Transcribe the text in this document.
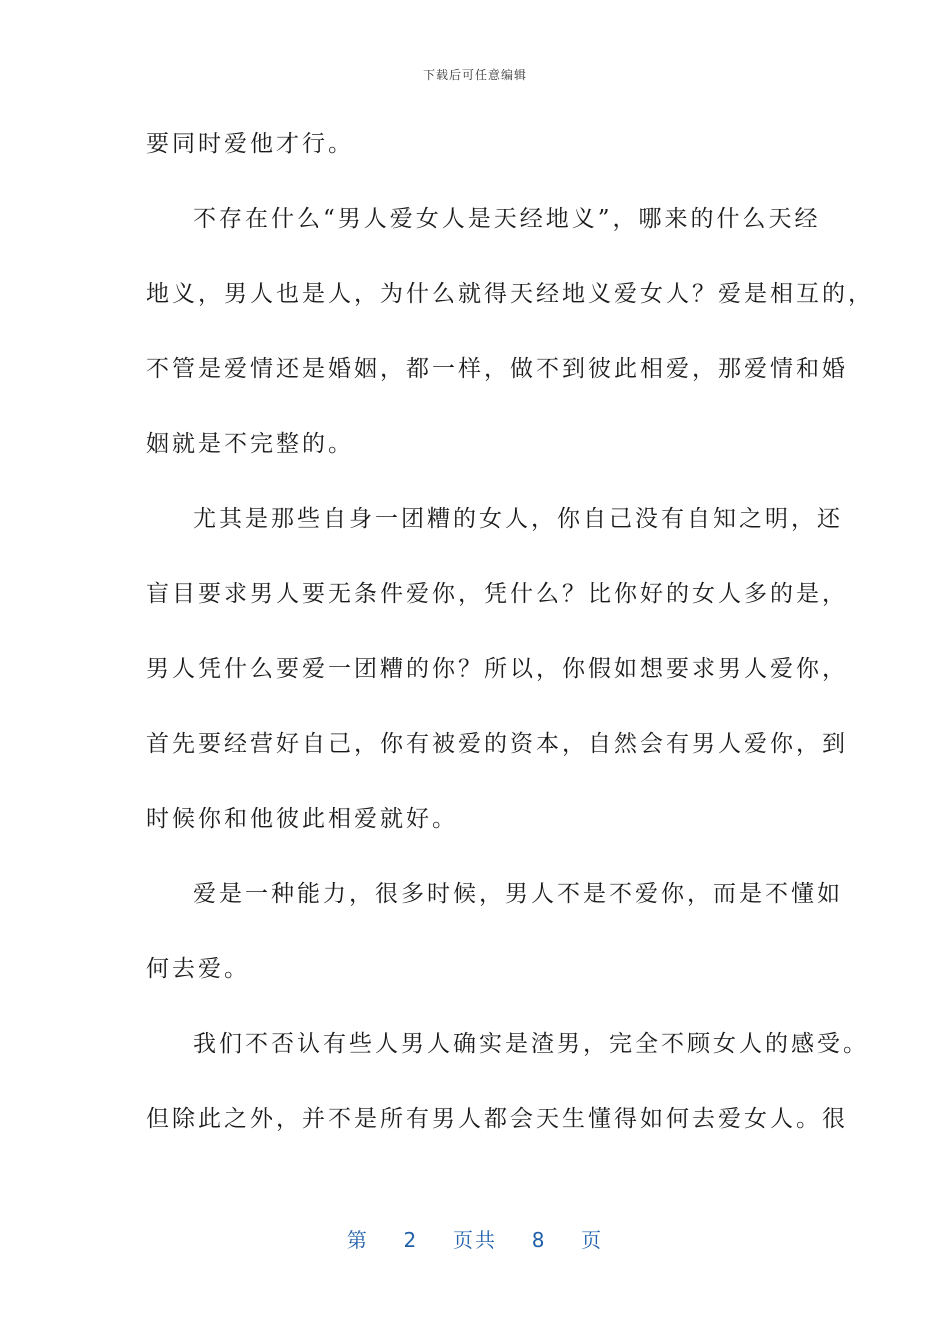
下载后可任意编辑
要同时爱他才行。
不存在什么“男人爱女人是天经地义”，哪来的什么天经
地义，男人也是人，为什么就得天经地义爱女人？爱是相互的，
不管是爱情还是婚姻，都一样，做不到彼此相爱，那爱情和婚
姻就是不完整的。
尤其是那些自身一团糟的女人，你自己没有自知之明，还
盲目要求男人要无条件爱你，凭什么？比你好的女人多的是，
男人凭什么要爱一团糟的你？所以，你假如想要求男人爱你，
首先要经营好自己，你有被爱的资本，自然会有男人爱你，到
时候你和他彼此相爱就好。
爱是一种能力，很多时候，男人不是不爱你，而是不懂如
何去爱。
我们不否认有些人男人确实是渣男，完全不顾女人的感受。
但除此之外，并不是所有男人都会天生懂得如何去爱女人。很
第 2 页共 8 页
